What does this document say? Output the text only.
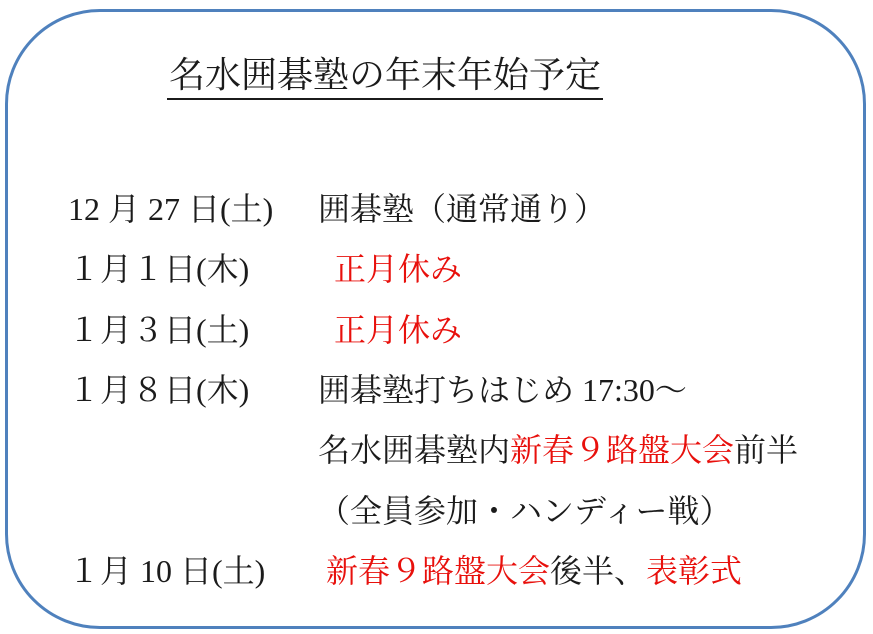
名水囲碁塾の年末年始予定
12 月 27 日(土)	囲碁塾（通常通り）
１月１日(木)	正月休み
１月３日(土)	正月休み
１月８日(木)	囲碁塾打ちはじめ 17:30～
名水囲碁塾内新春９路盤大会前半
（全員参加・ハンディー戦）
１月 10 日(土)	新春９路盤大会後半、表彰式
